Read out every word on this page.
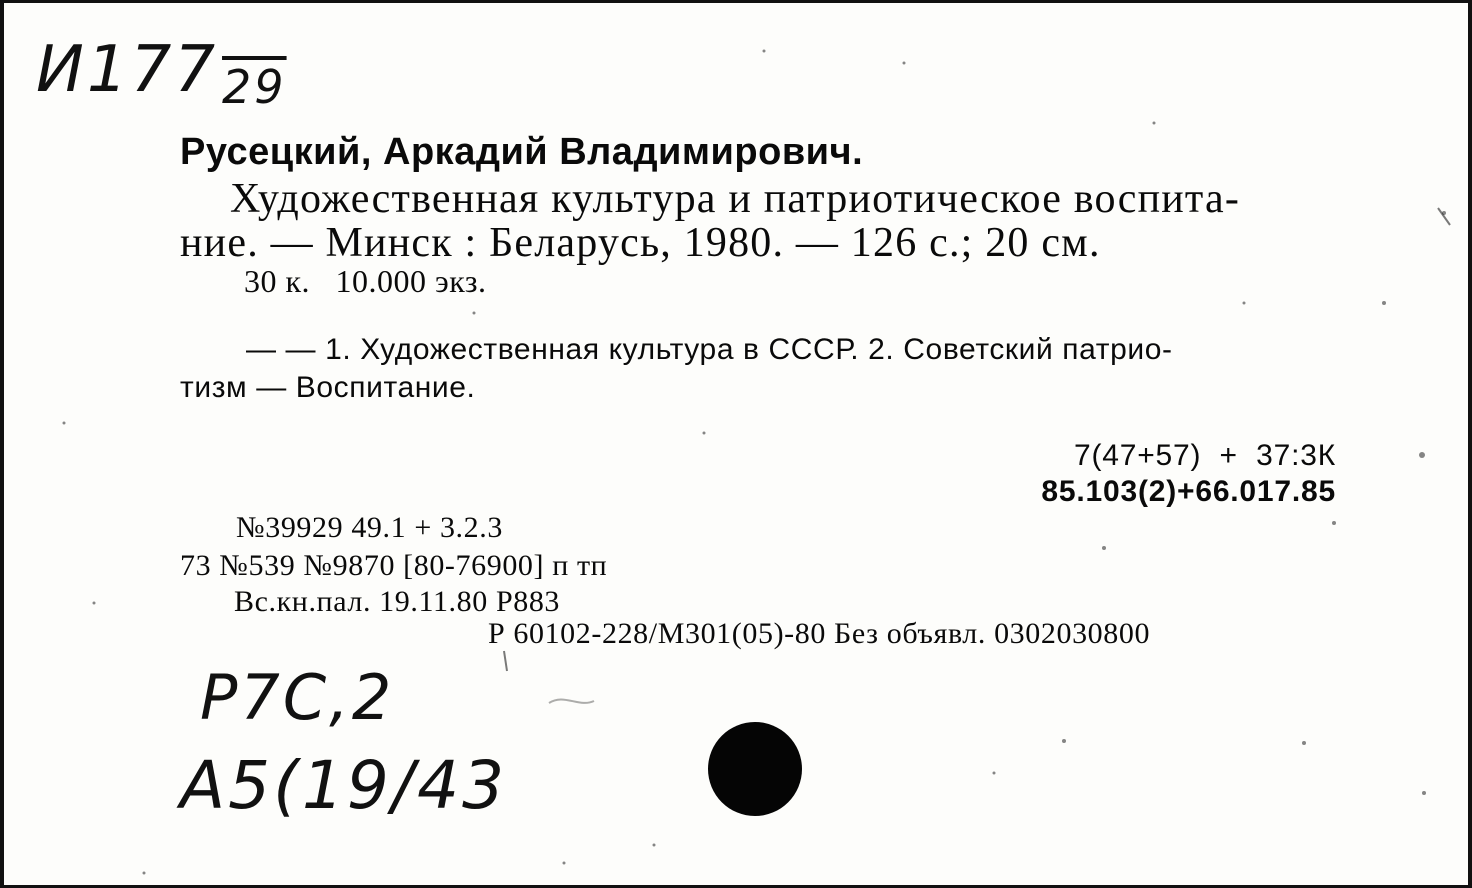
И17729
Русецкий, Аркадий Владимирович.
Художественная культура и патриотическое воспита-
ние. — Минск : Беларусь, 1980. — 126 с.; 20 см.
30 к.   10.000 экз.
— — 1. Художественная культура в СССР. 2. Советский патрио-
тизм — Воспитание.
7(47+57)  +  37:3К
85.103(2)+66.017.85
№39929 49.1 + 3.2.3
73 №539 №9870 [80-76900] п тп
Вс.кн.пал. 19.11.80 Р883
Р 60102-228/М301(05)-80 Без объявл. 0302030800
Р7С,2
А5(19/43
